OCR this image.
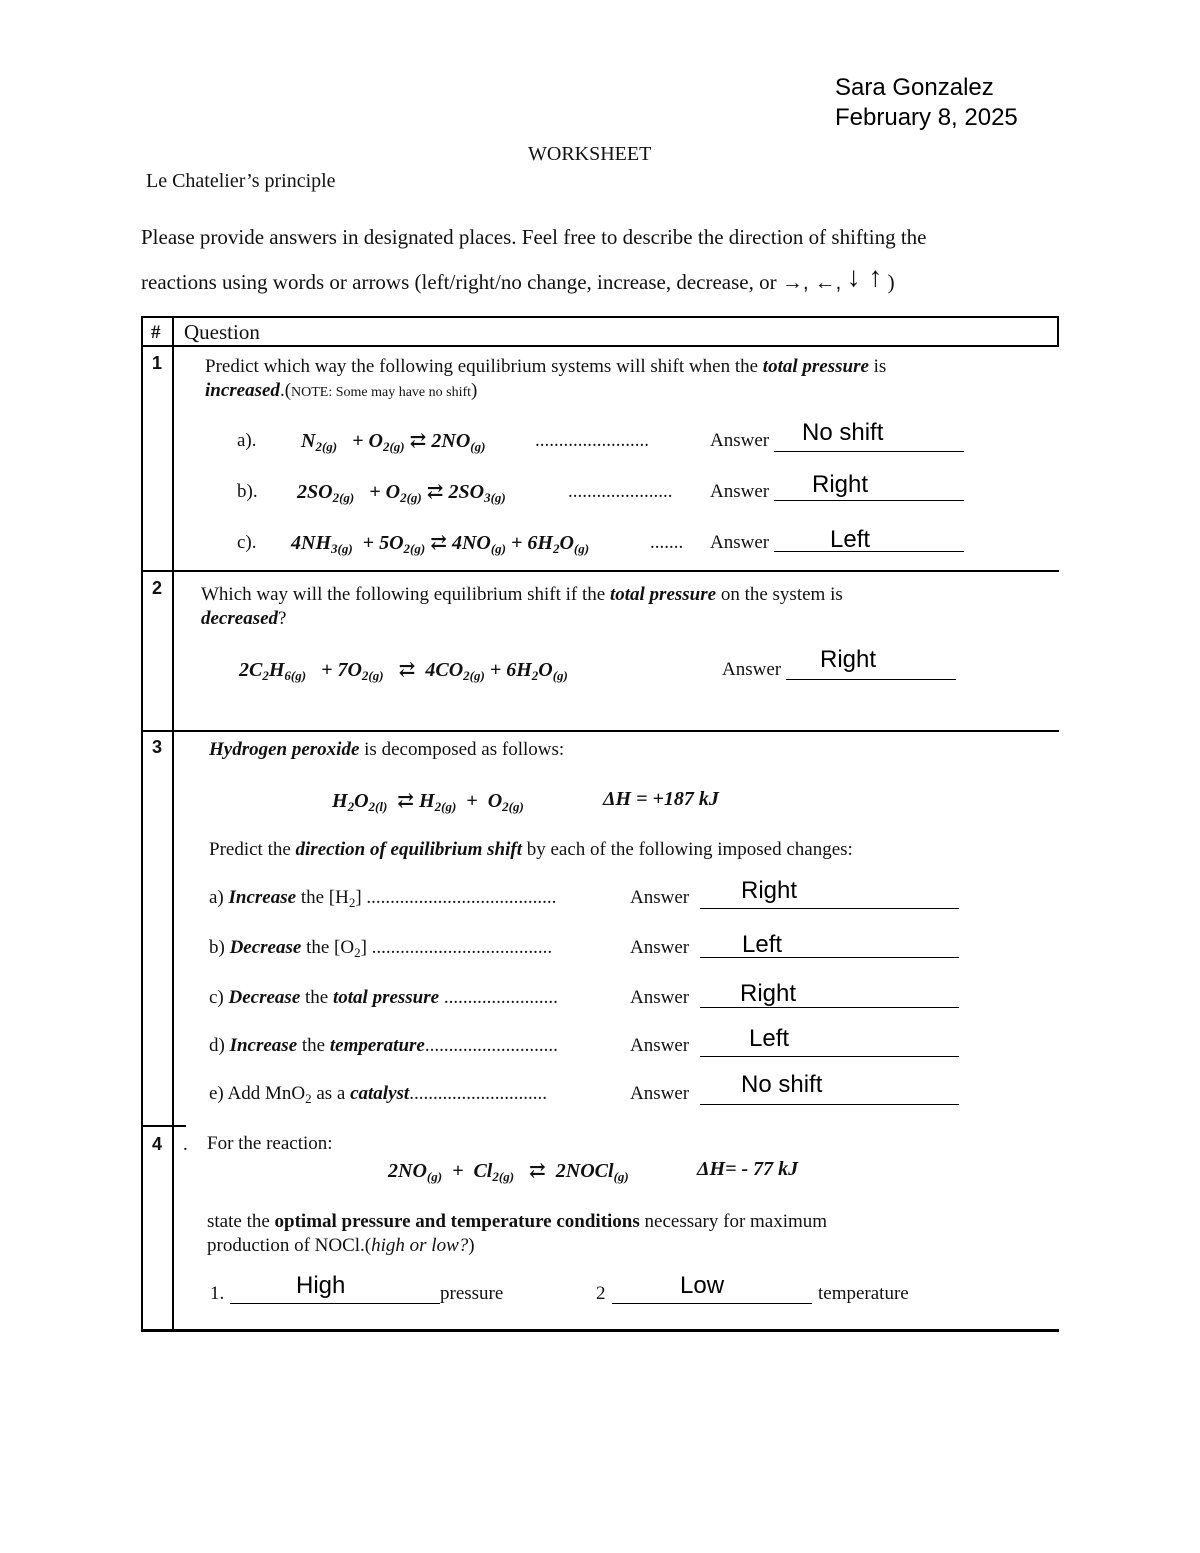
Sara Gonzalez
February 8, 2025
WORKSHEET
Le Chatelier’s principle
Please provide answers in designated places. Feel free to describe the direction of shifting the
reactions using words or arrows (left/right/no change, increase, decrease, or →, ←, ↓ ↑ )
# Question
1 Predict which way the following equilibrium systems will shift when the total pressure is
increased.(NOTE: Some may have no shift)
a). $N_{2(g)} + O_{2(g)}$ ⇄ $2NO_{(g)}$	........................	Answer No shift
b). $2SO_{2(g)} + O_{2(g)}$ ⇄ $2SO_{3(g)}$	...................... Answer Right
c). $4NH_{3(g)} + 5O_{2(g)}$ ⇄ $4NO_{(g)} + 6H_2O_{(g)}$	....... Answer	Left
2 Which way will the following equilibrium shift if the total pressure on the system is
decreased?
$2C_2H_{6(g)} + 7O_{2(g)}$   ⇄  $4CO_{2(g)} + 6H_2O_{(g)}$	Answer Right
3 Hydrogen peroxide is decomposed as follows:
$H_2O_{2(l)}$  ⇄ $H_{2(g)} + O_{2(g)}$	ΔH = +187 kJ
Predict the direction of equilibrium shift by each of the following imposed changes:
a) Increase the $[H_2]$ ........................................	Answer Right
b) Decrease the $[O_2]$ ......................................	Answer Left
c) Decrease the total pressure ........................	Answer Right
d) Increase the temperature............................	Answer Left
e) Add MnO$_2$ as a catalyst.............................	Answer No shift
4 . For the reaction:
$2NO_{(g)} + Cl_{2(g)}$   ⇄  2NOCl$_{(g)}$	ΔH= - 77 kJ
state the optimal pressure and temperature conditions necessary for maximum
production of NOCl.(high or low?)
1.	High	pressure	2	Low	temperature
